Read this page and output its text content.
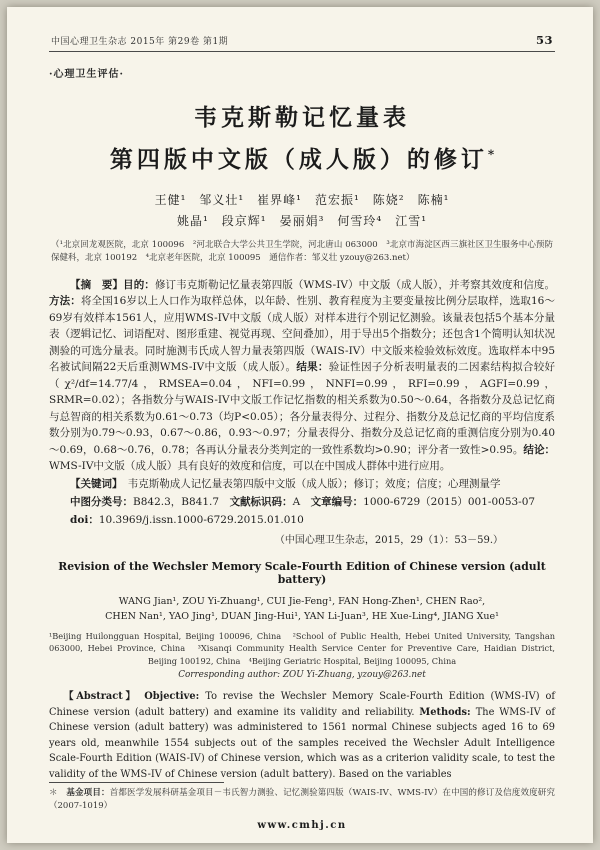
中国心理卫生杂志 2015年 第29卷 第1期	53
·心理卫生评估·
韦克斯勒记忆量表
第四版中文版（成人版）的修订*
王健¹　邹义壮¹　崔界峰¹　范宏振¹　陈娆²　陈楠¹
姚晶¹　段京辉¹　晏丽娟³　何雪玲⁴　江雪¹

（¹北京回龙观医院，北京 100096　²河北联合大学公共卫生学院，河北唐山 063000　³北京市海淀区西三旗社区卫生服务中心预防保健科，北京 100192　⁴北京老年医院，北京 100095　通信作者：邹义壮 yzouy@263.net）

【摘　要】目的：修订韦克斯勒记忆量表第四版（WMS-IV）中文版（成人版），并考察其效度和信度。方法：将全国16岁以上人口作为取样总体，以年龄、性别、教育程度为主要变量按比例分层取样，选取16～69岁有效样本1561人，应用WMS-IV中文版（成人版）对样本进行个别记忆测验。该量表包括5个基本分量表（逻辑记忆、词语配对、图形重建、视觉再现、空间叠加），用于导出5个指数分；还包含1个简明认知状况测验的可选分量表。同时施测韦氏成人智力量表第四版（WAIS-IV）中文版来检验效标效度。选取样本中95名被试间隔22天后重测WMS-IV中文版（成人版）。结果：验证性因子分析表明量表的二因素结构拟合较好（χ²/df=14.77/4，RMSEA=0.04，NFI=0.99，NNFI=0.99，RFI=0.99，AGFI=0.99，SRMR=0.02）；各指数分与WAIS-IV中文版工作记忆指数的相关系数为0.50～0.64，各指数分及总记忆商与总智商的相关系数为0.61～0.73（均P<0.05）；各分量表得分、过程分、指数分及总记忆商的平均信度系数分别为0.79～0.93，0.67～0.86，0.93～0.97；分量表得分、指数分及总记忆商的重测信度分别为0.40～0.69，0.68～0.76，0.78；各再认分量表分类判定的一致性系数均>0.90；评分者一致性>0.95。结论：WMS-IV中文版（成人版）具有良好的效度和信度，可以在中国成人群体中进行应用。

【关键词】　韦克斯勒成人记忆量表第四版中文版（成人版）；修订；效度；信度；心理测量学

中图分类号：B842.3，B841.7　文献标识码：A　文章编号：1000-6729（2015）001-0053-07

doi：10.3969/j.issn.1000-6729.2015.01.010

（中国心理卫生杂志，2015，29（1）：53－59.）

Revision of the Wechsler Memory Scale-Fourth Edition of Chinese version (adult battery)

WANG Jian¹, ZOU Yi-Zhuang¹, CUI Jie-Feng¹, FAN Hong-Zhen¹, CHEN Rao²,
CHEN Nan¹, YAO Jing¹, DUAN Jing-Hui¹, YAN Li-Juan³, HE Xue-Ling⁴, JIANG Xue¹

¹Beijing Huilongguan Hospital, Beijing 100096, China　²School of Public Health, Hebei United University, Tangshan 063000, Hebei Province, China　³Xisanqi Community Health Service Center for Preventive Care, Haidian District, Beijing 100192, China　⁴Beijing Geriatric Hospital, Beijing 100095, China

Corresponding author: ZOU Yi-Zhuang, yzouy@263.net

【Abstract】 Objective: To revise the Wechsler Memory Scale-Fourth Edition (WMS-IV) of Chinese version (adult battery) and examine its validity and reliability. Methods: The WMS-IV of Chinese version (adult battery) was administered to 1561 normal Chinese subjects aged 16 to 69 years old, meanwhile 1554 subjects out of the samples received the Wechsler Adult Intelligence Scale-Fourth Edition (WAIS-IV) of Chinese version, which was as a criterion validity scale, to test the validity of the WMS-IV of Chinese version (adult battery). Based on the variables

＊　基金项目：首都医学发展科研基金项目－韦氏智力测验、记忆测验第四版（WAIS-IV、WMS-IV）在中国的修订及信度效度研究（2007-1019）

www.cmhj.cn
